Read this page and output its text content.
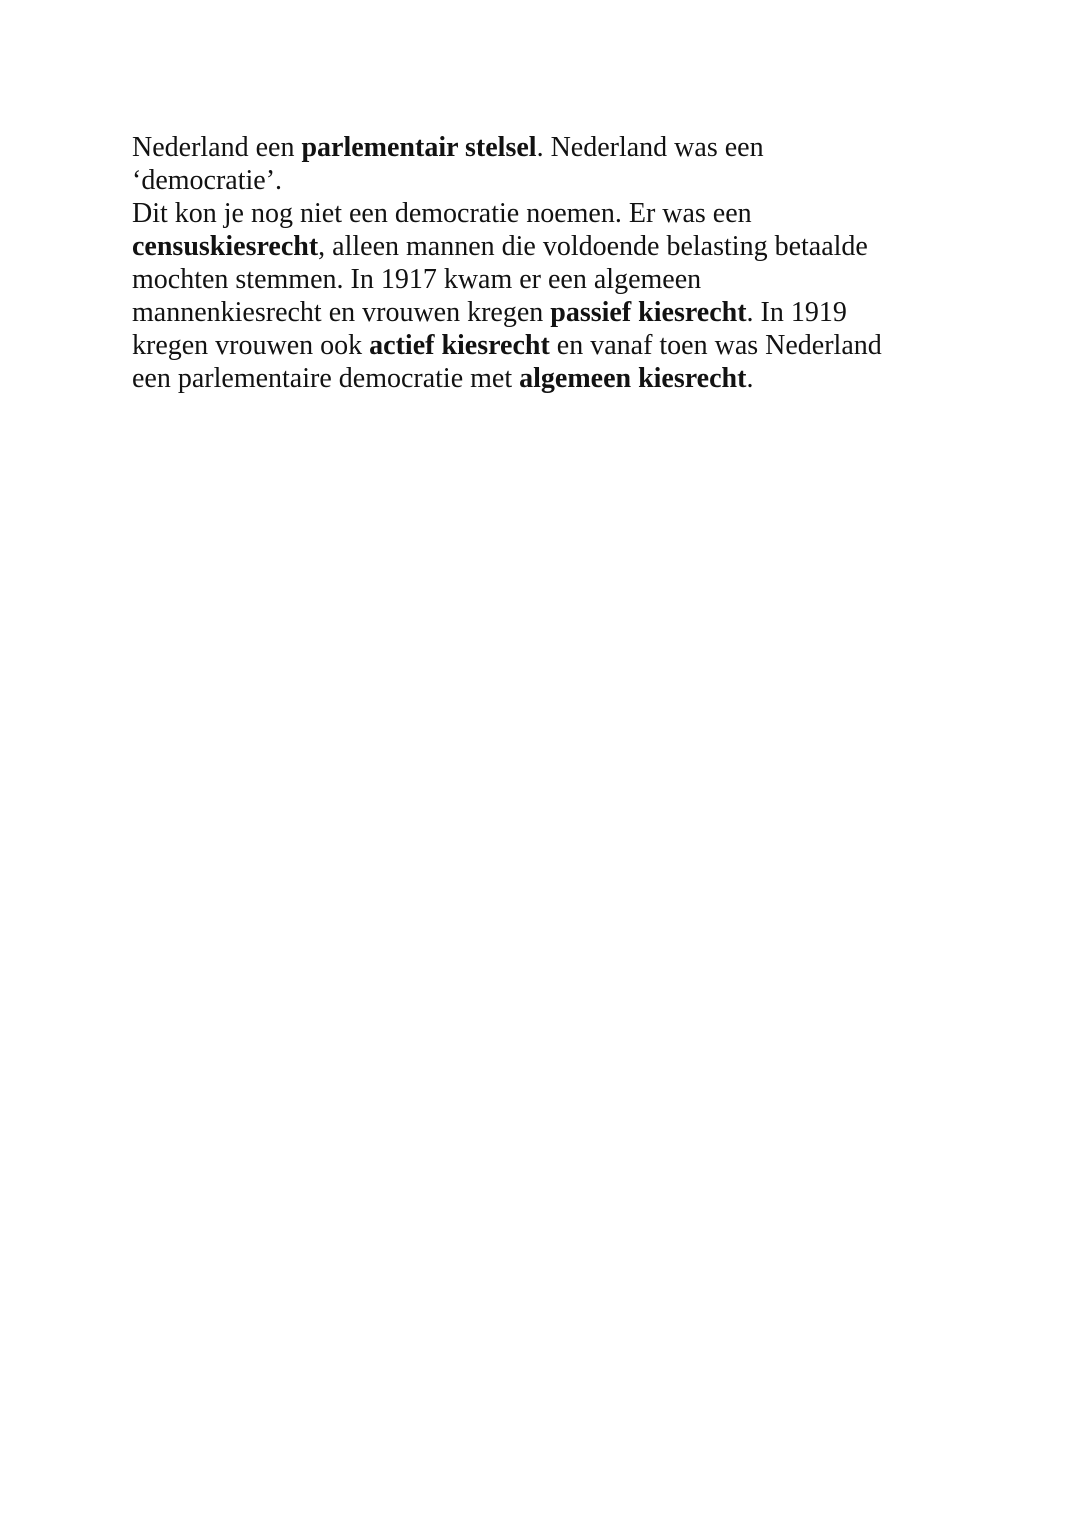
Nederland een parlementair stelsel. Nederland was een
‘democratie’.
Dit kon je nog niet een democratie noemen. Er was een
censuskiesrecht, alleen mannen die voldoende belasting betaalde
mochten stemmen. In 1917 kwam er een algemeen
mannenkiesrecht en vrouwen kregen passief kiesrecht. In 1919
kregen vrouwen ook actief kiesrecht en vanaf toen was Nederland
een parlementaire democratie met algemeen kiesrecht.
